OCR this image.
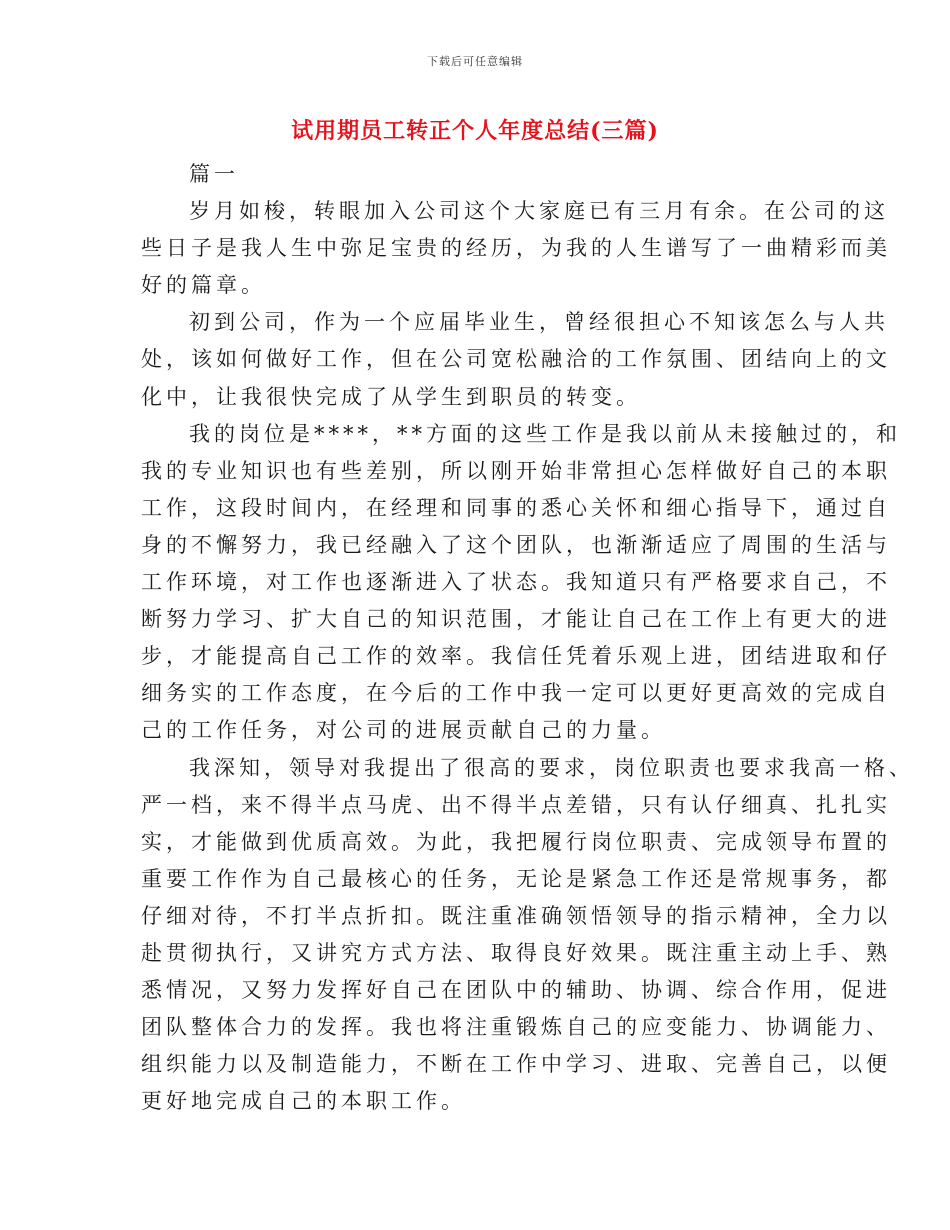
下载后可任意编辑
试用期员工转正个人年度总结(三篇)
篇一
岁月如梭，转眼加入公司这个大家庭已有三月有余。在公司的这
些日子是我人生中弥足宝贵的经历，为我的人生谱写了一曲精彩而美
好的篇章。
初到公司，作为一个应届毕业生，曾经很担心不知该怎么与人共
处，该如何做好工作，但在公司宽松融洽的工作氛围、团结向上的文
化中，让我很快完成了从学生到职员的转变。
我的岗位是****，**方面的这些工作是我以前从未接触过的，和
我的专业知识也有些差别，所以刚开始非常担心怎样做好自己的本职
工作，这段时间内，在经理和同事的悉心关怀和细心指导下，通过自
身的不懈努力，我已经融入了这个团队，也渐渐适应了周围的生活与
工作环境，对工作也逐渐进入了状态。我知道只有严格要求自己，不
断努力学习、扩大自己的知识范围，才能让自己在工作上有更大的进
步，才能提高自己工作的效率。我信任凭着乐观上进，团结进取和仔
细务实的工作态度，在今后的工作中我一定可以更好更高效的完成自
己的工作任务，对公司的进展贡献自己的力量。
我深知，领导对我提出了很高的要求，岗位职责也要求我高一格、
严一档，来不得半点马虎、出不得半点差错，只有认仔细真、扎扎实
实，才能做到优质高效。为此，我把履行岗位职责、完成领导布置的
重要工作作为自己最核心的任务，无论是紧急工作还是常规事务，都
仔细对待，不打半点折扣。既注重准确领悟领导的指示精神，全力以
赴贯彻执行，又讲究方式方法、取得良好效果。既注重主动上手、熟
悉情况，又努力发挥好自己在团队中的辅助、协调、综合作用，促进
团队整体合力的发挥。我也将注重锻炼自己的应变能力、协调能力、
组织能力以及制造能力，不断在工作中学习、进取、完善自己，以便
更好地完成自己的本职工作。
